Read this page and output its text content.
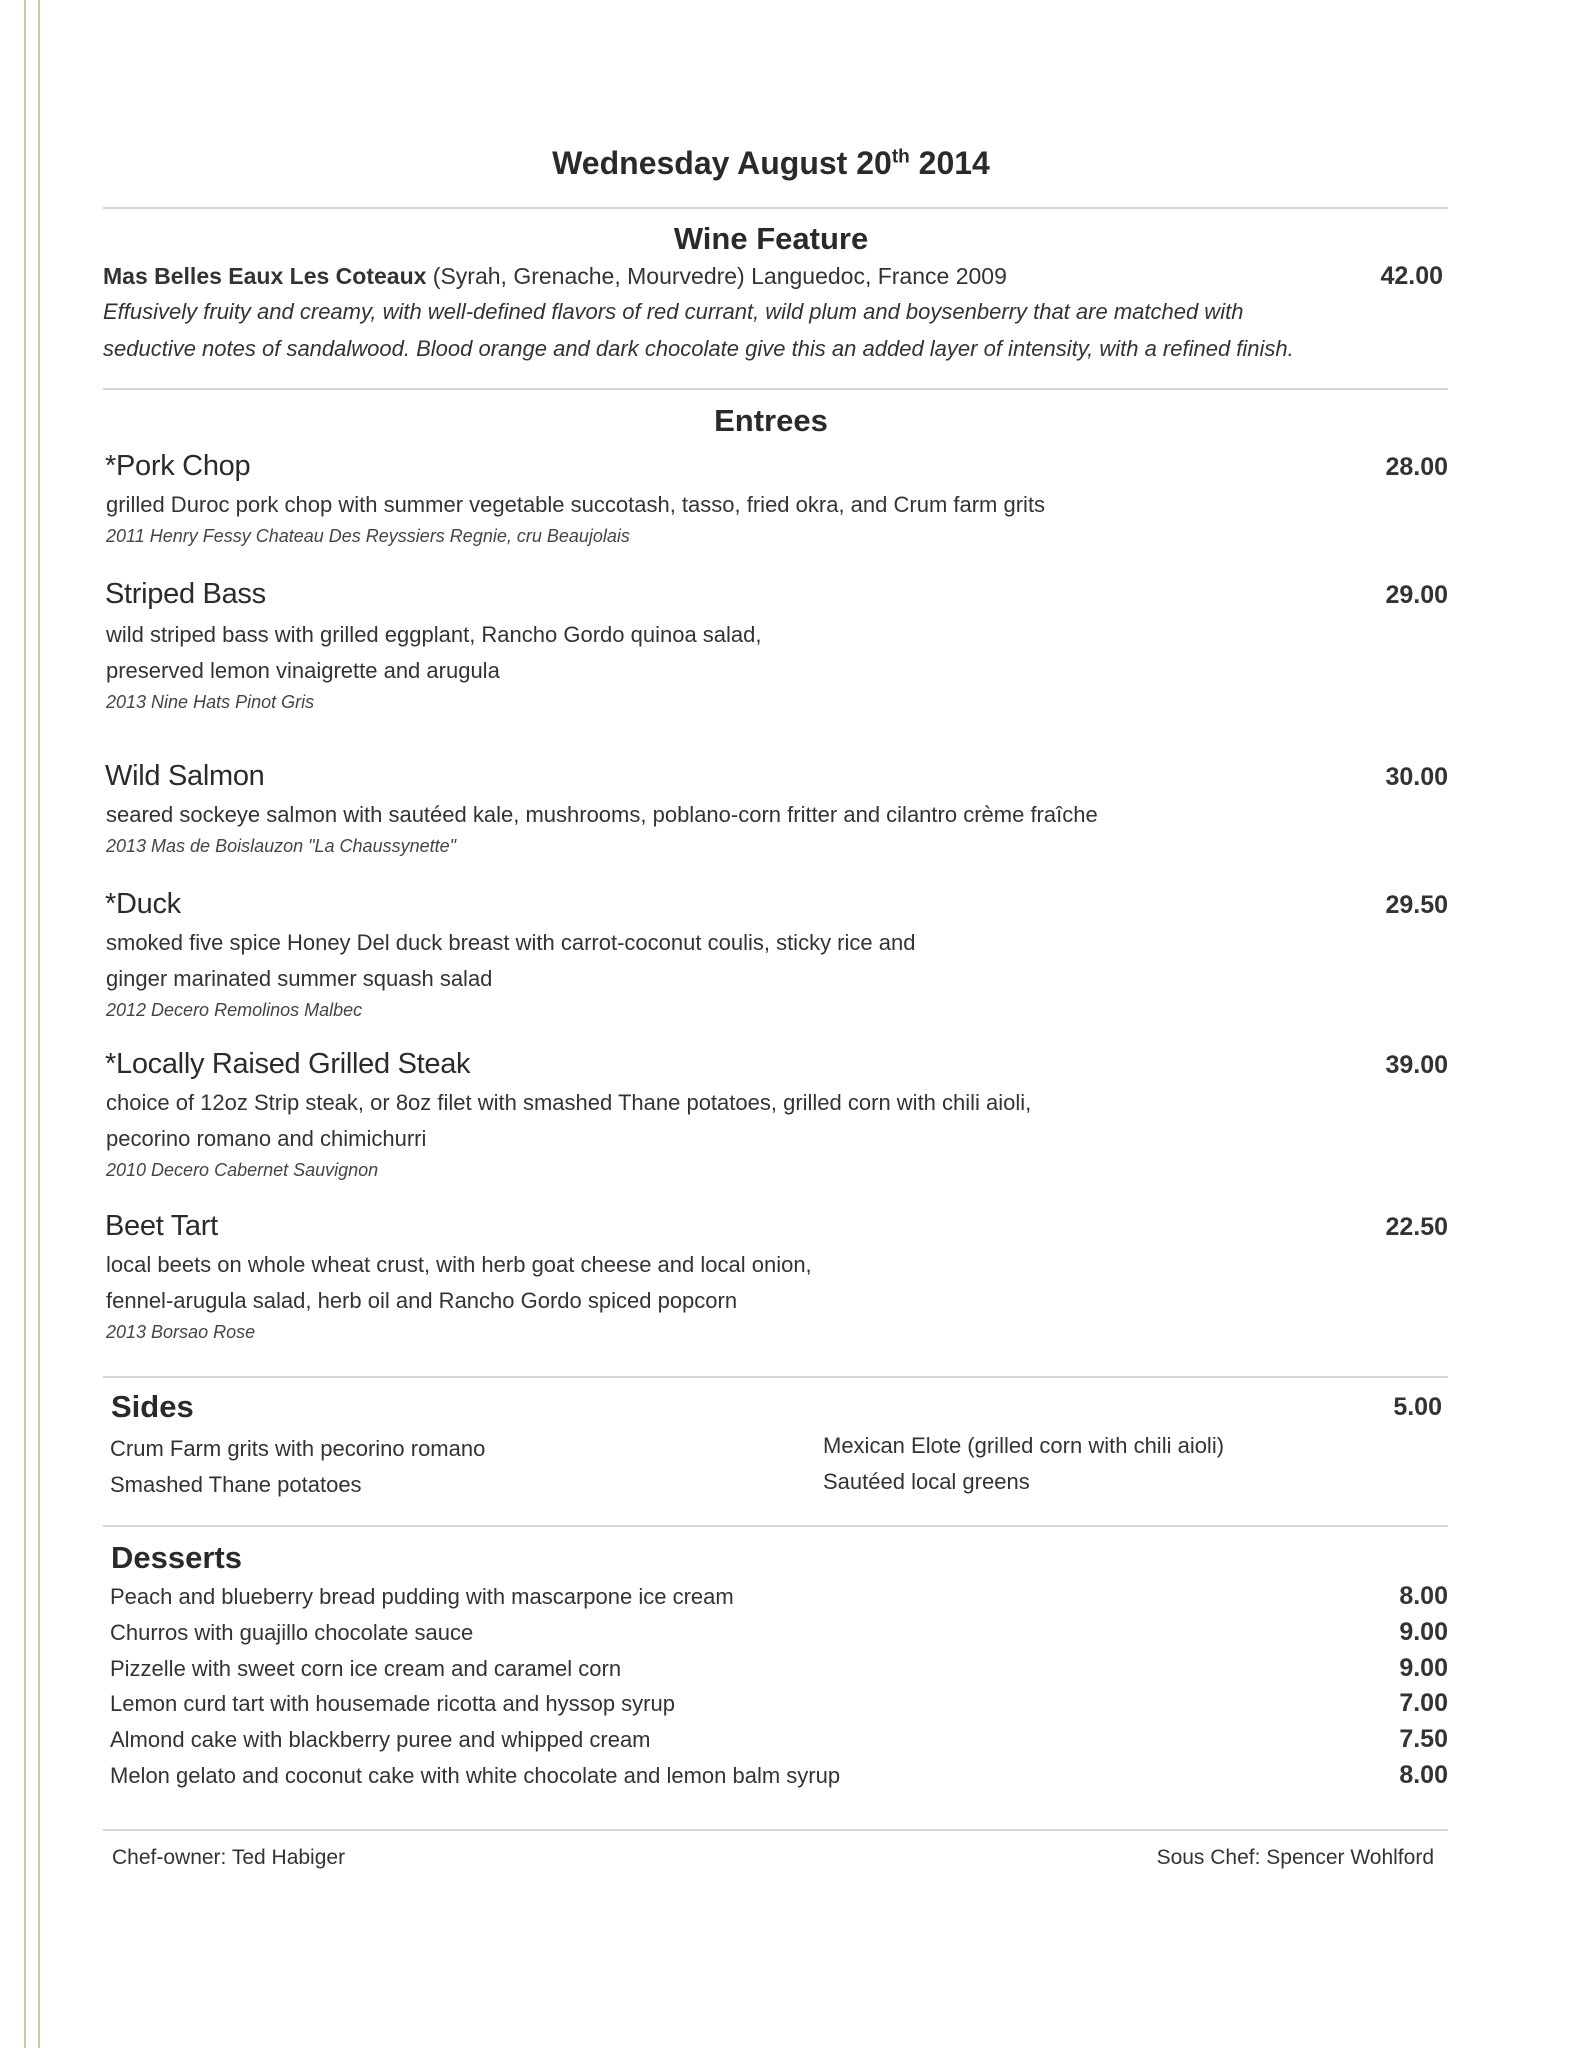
Wednesday August 20th 2014
Wine Feature
Mas Belles Eaux Les Coteaux (Syrah, Grenache, Mourvedre) Languedoc, France 2009	42.00
Effusively fruity and creamy, with well-defined flavors of red currant, wild plum and boysenberry that are matched with
seductive notes of sandalwood. Blood orange and dark chocolate give this an added layer of intensity, with a refined finish.
Entrees
*Pork Chop	28.00
grilled Duroc pork chop with summer vegetable succotash, tasso, fried okra, and Crum farm grits
2011 Henry Fessy Chateau Des Reyssiers Regnie, cru Beaujolais
Striped Bass	29.00
wild striped bass with grilled eggplant, Rancho Gordo quinoa salad,
preserved lemon vinaigrette and arugula
2013 Nine Hats Pinot Gris
Wild Salmon	30.00
seared sockeye salmon with sautéed kale, mushrooms, poblano-corn fritter and cilantro crème fraîche
2013 Mas de Boislauzon "La Chaussynette"
*Duck	29.50
smoked five spice Honey Del duck breast with carrot-coconut coulis, sticky rice and
ginger marinated summer squash salad
2012 Decero Remolinos Malbec
*Locally Raised Grilled Steak	39.00
choice of 12oz Strip steak, or 8oz filet with smashed Thane potatoes, grilled corn with chili aioli,
pecorino romano and chimichurri
2010 Decero Cabernet Sauvignon
Beet Tart	22.50
local beets on whole wheat crust, with herb goat cheese and local onion,
fennel-arugula salad, herb oil and Rancho Gordo spiced popcorn
2013 Borsao Rose
Sides	5.00
Crum Farm grits with pecorino romano
Smashed Thane potatoes
Mexican Elote (grilled corn with chili aioli)
Sautéed local greens
Desserts
Peach and blueberry bread pudding with mascarpone ice cream	8.00
Churros with guajillo chocolate sauce	9.00
Pizzelle with sweet corn ice cream and caramel corn	9.00
Lemon curd tart with housemade ricotta and hyssop syrup	7.00
Almond cake with blackberry puree and whipped cream	7.50
Melon gelato and coconut cake with white chocolate and lemon balm syrup	8.00
Chef-owner: Ted Habiger	Sous Chef: Spencer Wohlford
